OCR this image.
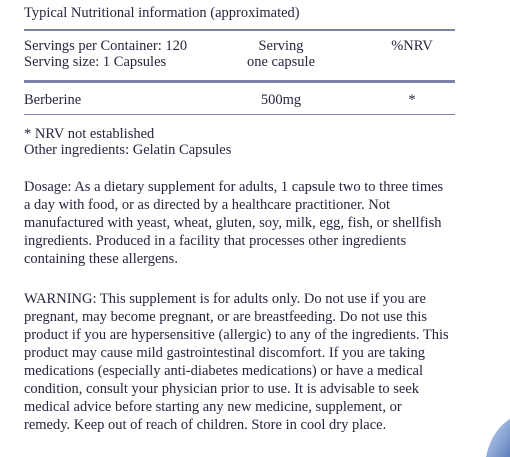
Typical Nutritional information (approximated)
Servings per Container: 120
Serving size: 1 Capsules
Serving
one capsule
%NRV
Berberine	500mg	*
* NRV not established
Other ingredients: Gelatin Capsules
Dosage: As a dietary supplement for adults, 1 capsule two to three times
a day with food, or as directed by a healthcare practitioner. Not
manufactured with yeast, wheat, gluten, soy, milk, egg, fish, or shellfish
ingredients. Produced in a facility that processes other ingredients
containing these allergens.
WARNING: This supplement is for adults only. Do not use if you are
pregnant, may become pregnant, or are breastfeeding. Do not use this
product if you are hypersensitive (allergic) to any of the ingredients. This
product may cause mild gastrointestinal discomfort. If you are taking
medications (especially anti-diabetes medications) or have a medical
condition, consult your physician prior to use. It is advisable to seek
medical advice before starting any new medicine, supplement, or
remedy. Keep out of reach of children. Store in cool dry place.
